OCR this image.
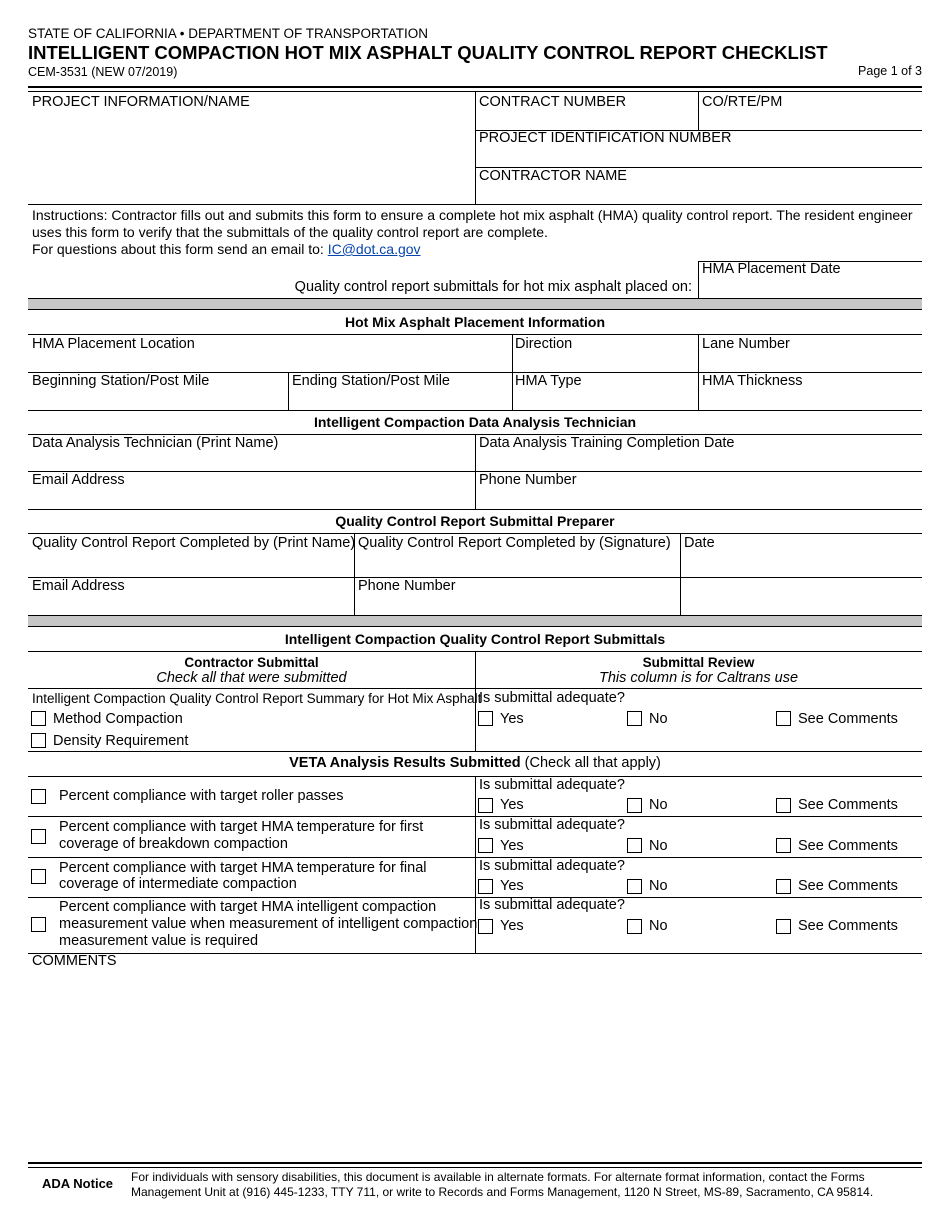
STATE OF CALIFORNIA • DEPARTMENT OF TRANSPORTATION
INTELLIGENT COMPACTION HOT MIX ASPHALT QUALITY CONTROL REPORT CHECKLIST
CEM-3531 (NEW 07/2019)	Page 1 of 3
PROJECT INFORMATION/NAME	CONTRACT NUMBER	CO/RTE/PM
PROJECT IDENTIFICATION NUMBER
CONTRACTOR NAME
Instructions: Contractor fills out and submits this form to ensure a complete hot mix asphalt (HMA) quality control report. The resident engineer
uses this form to verify that the submittals of the quality control report are complete.
For questions about this form send an email to: IC@dot.ca.gov
Quality control report submittals for hot mix asphalt placed on:
HMA Placement Date
Hot Mix Asphalt Placement Information
HMA Placement Location	Direction	Lane Number
Beginning Station/Post Mile	Ending Station/Post Mile	HMA Type	HMA Thickness
Intelligent Compaction Data Analysis Technician
Data Analysis Technician (Print Name)	Data Analysis Training Completion Date
Email Address	Phone Number
Quality Control Report Submittal Preparer
Quality Control Report Completed by (Print Name) Quality Control Report Completed by (Signature) Date
Email Address	Phone Number
Intelligent Compaction Quality Control Report Submittals
Contractor Submittal
Check all that were submitted
Submittal Review
This column is for Caltrans use
Intelligent Compaction Quality Control Report Summary for Hot Mix Asphalt
Is submittal adequate?
Method Compaction
Density Requirement
Yes	No	See Comments
VETA Analysis Results Submitted (Check all that apply)
Percent compliance with target roller passes
Is submittal adequate?
Yes	No	See Comments
Percent compliance with target HMA temperature for first
coverage of breakdown compaction
Is submittal adequate?
Yes	No	See Comments
Percent compliance with target HMA temperature for final
coverage of intermediate compaction
Is submittal adequate?
Yes	No	See Comments
Percent compliance with target HMA intelligent compaction
measurement value when measurement of intelligent compaction
measurement value is required
Is submittal adequate?
Yes	No	See Comments
COMMENTS
ADA Notice For individuals with sensory disabilities, this document is available in alternate formats. For alternate format information, contact the Forms
Management Unit at (916) 445-1233, TTY 711, or write to Records and Forms Management, 1120 N Street, MS-89, Sacramento, CA 95814.
